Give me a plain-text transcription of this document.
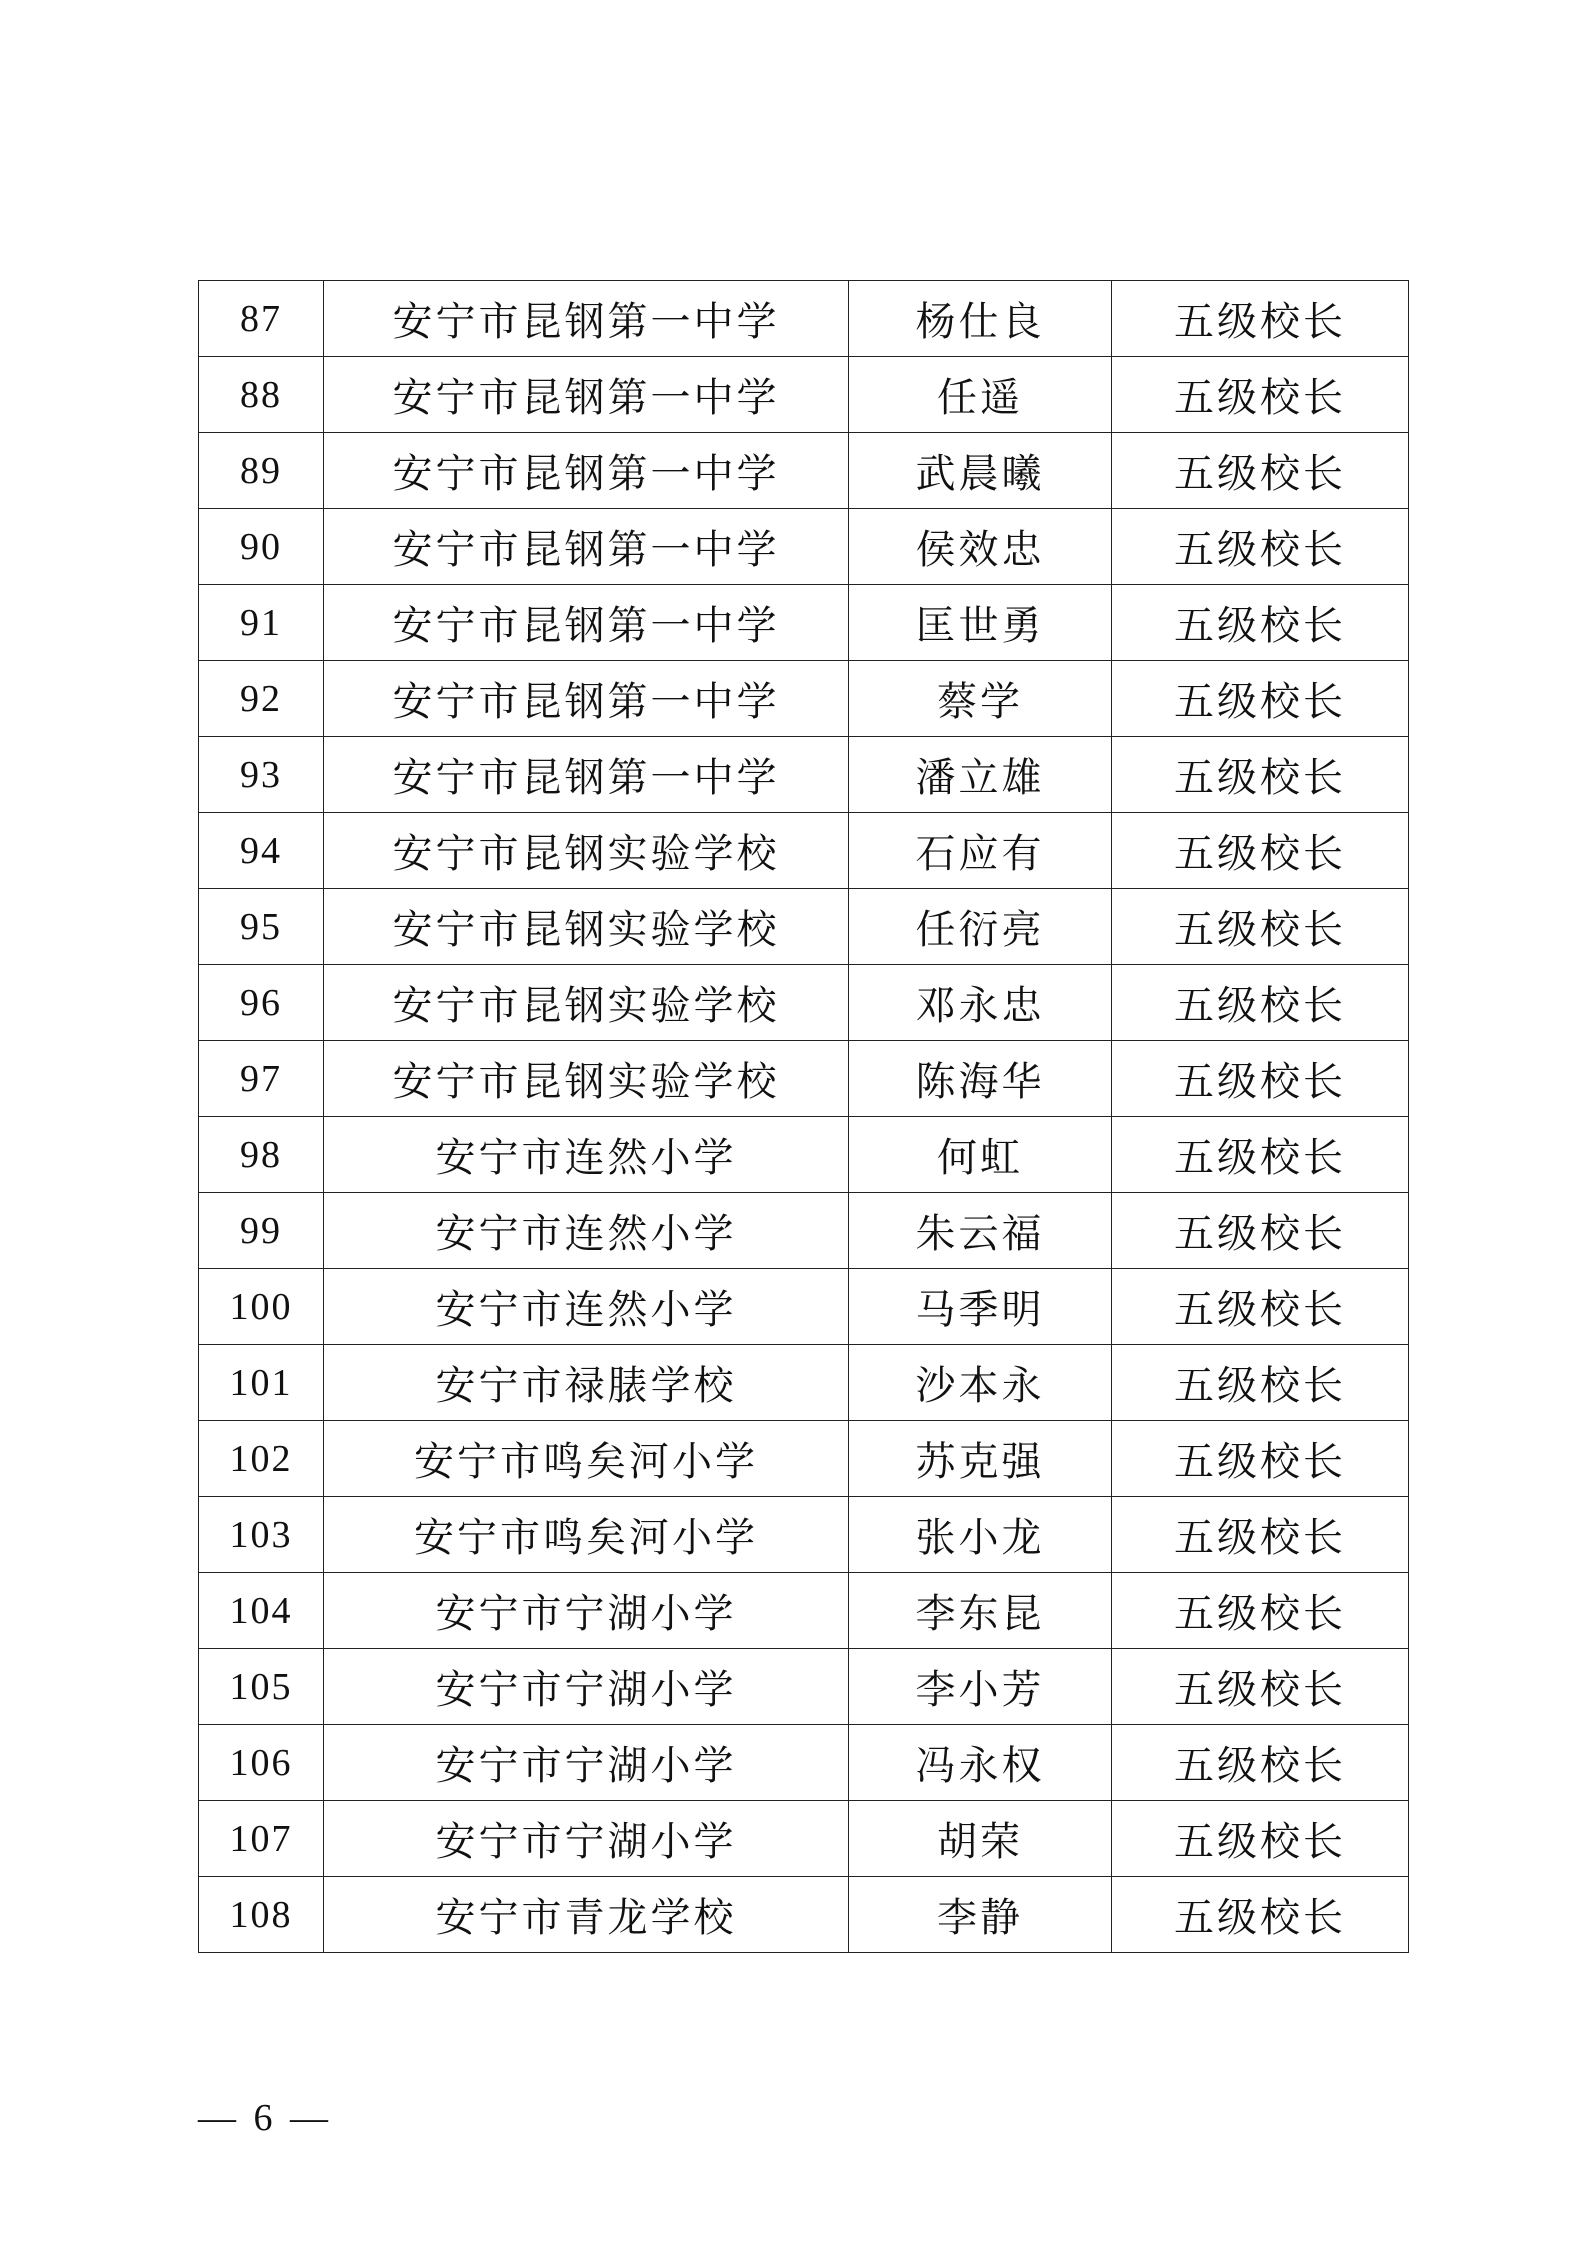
87	安宁市昆钢第一中学	杨仕良	五级校长
88	安宁市昆钢第一中学	任遥	五级校长
89	安宁市昆钢第一中学	武晨曦	五级校长
90	安宁市昆钢第一中学	侯效忠	五级校长
91	安宁市昆钢第一中学	匡世勇	五级校长
92	安宁市昆钢第一中学	蔡学	五级校长
93	安宁市昆钢第一中学	潘立雄	五级校长
94	安宁市昆钢实验学校	石应有	五级校长
95	安宁市昆钢实验学校	任衍亮	五级校长
96	安宁市昆钢实验学校	邓永忠	五级校长
97	安宁市昆钢实验学校	陈海华	五级校长
98	安宁市连然小学	何虹	五级校长
99	安宁市连然小学	朱云福	五级校长
100	安宁市连然小学	马季明	五级校长
101	安宁市禄脿学校	沙本永	五级校长
102	安宁市鸣矣河小学	苏克强	五级校长
103	安宁市鸣矣河小学	张小龙	五级校长
104	安宁市宁湖小学	李东昆	五级校长
105	安宁市宁湖小学	李小芳	五级校长
106	安宁市宁湖小学	冯永权	五级校长
107	安宁市宁湖小学	胡荣	五级校长
108	安宁市青龙学校	李静	五级校长
— 6 —
